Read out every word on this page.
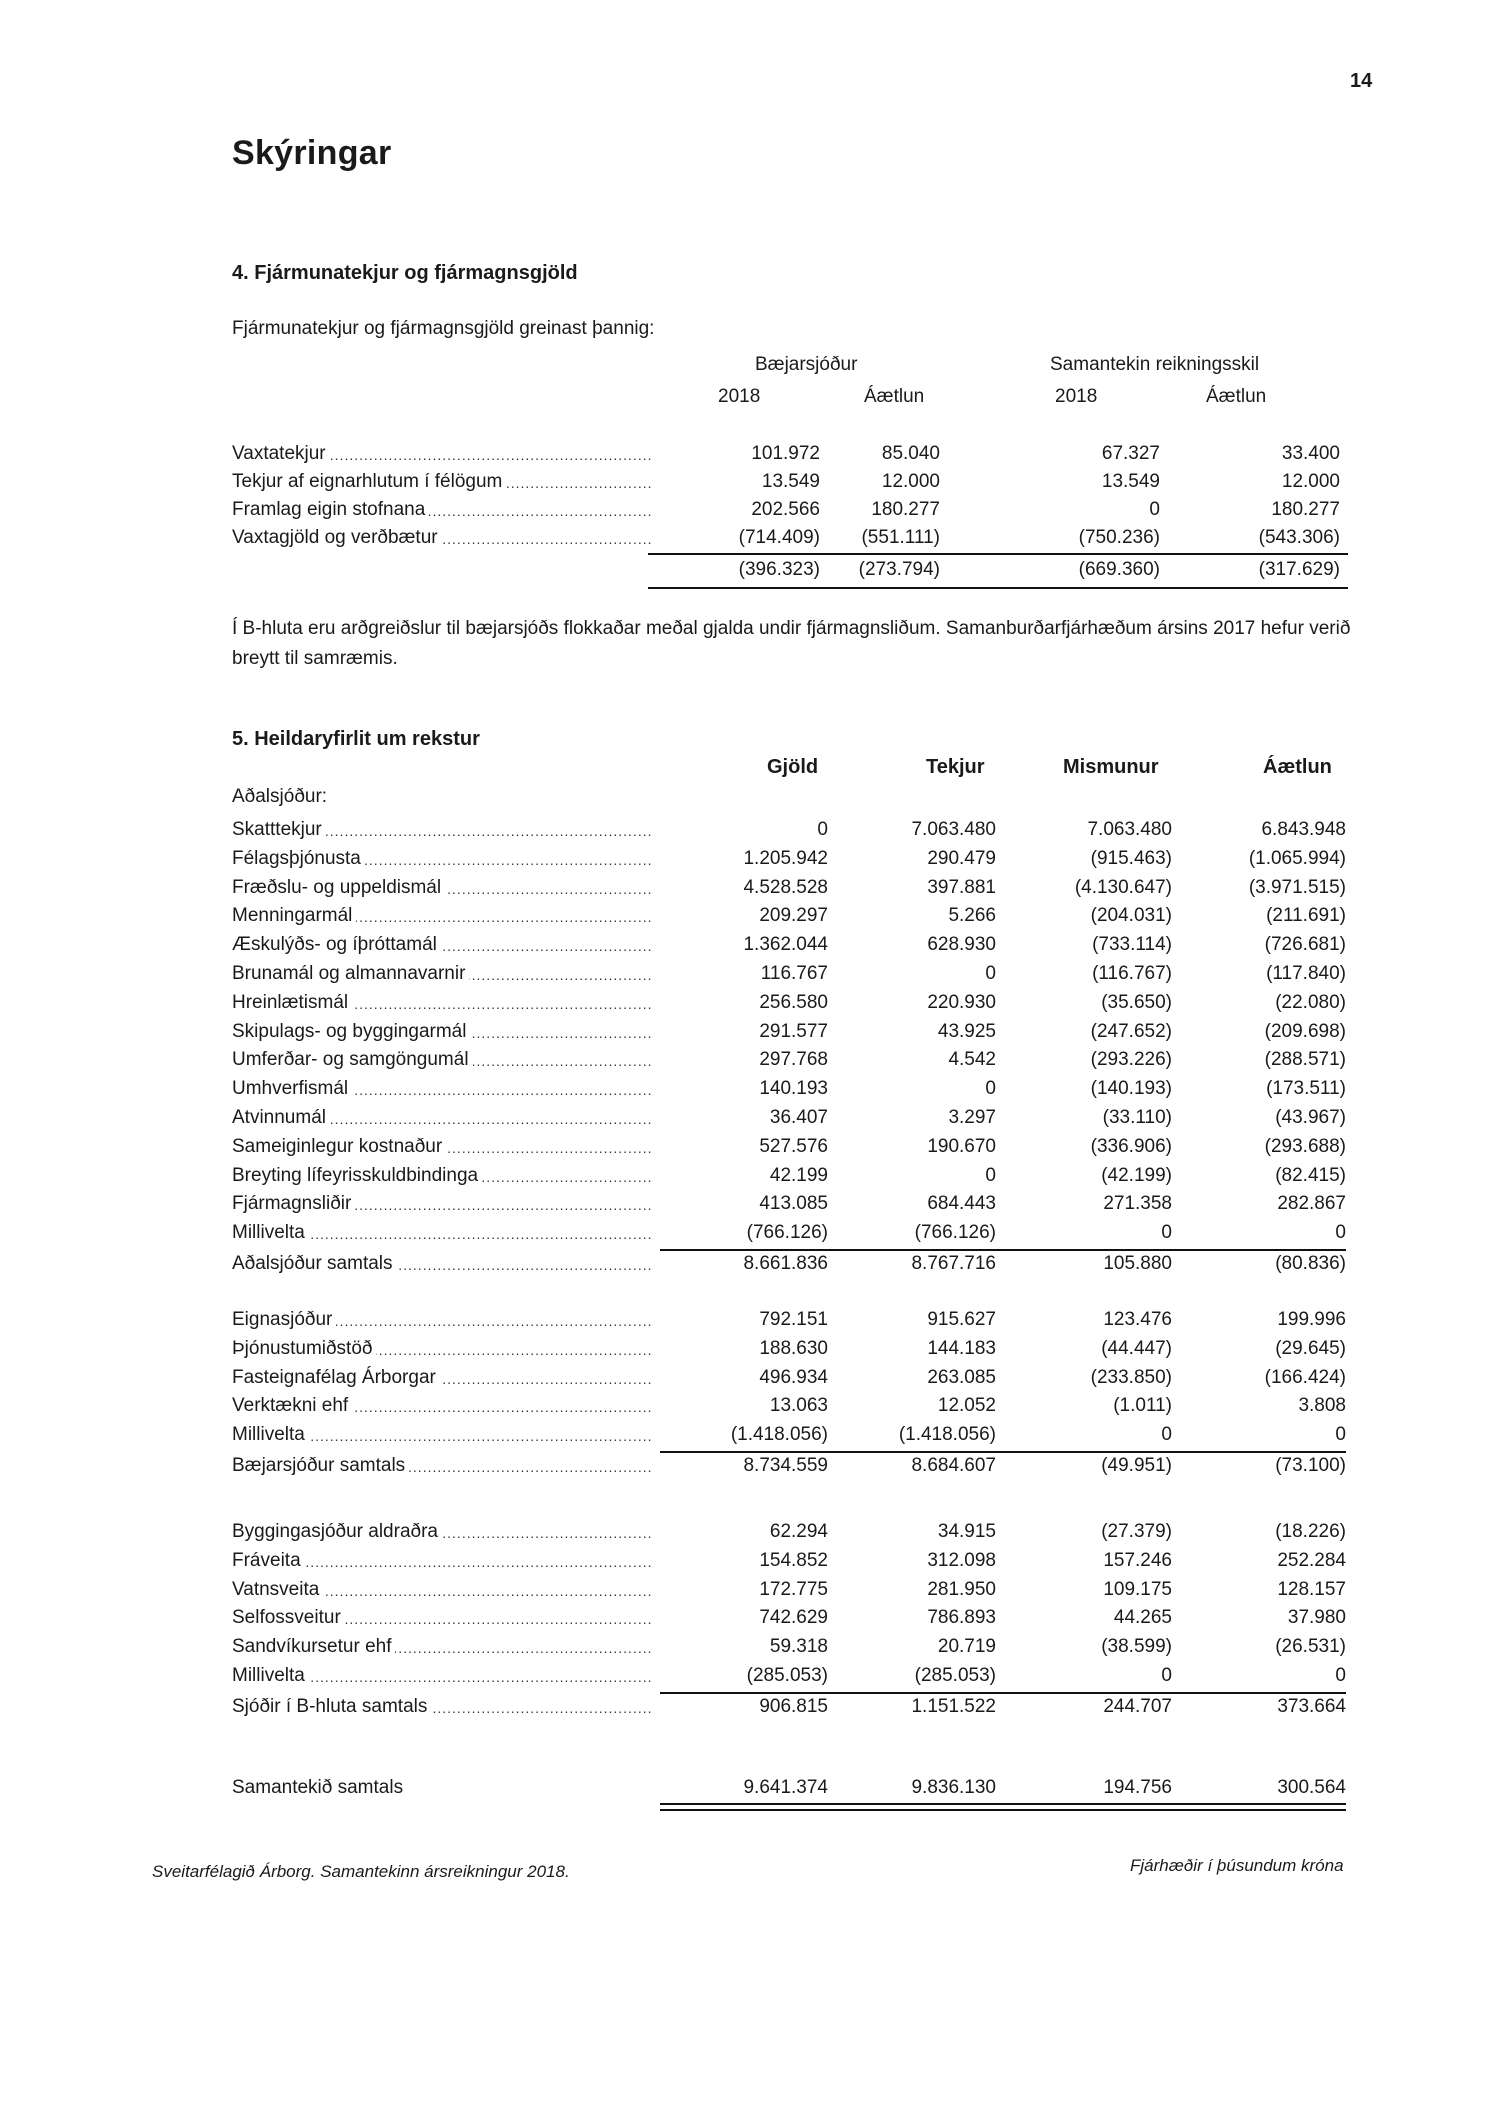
14
Skýringar
4. Fjármunatekjur og fjármagnsgjöld
Fjármunatekjur og fjármagnsgjöld greinast þannig:
Bæjarsjóður	Samantekin reikningsskil
2018	Áætlun	2018	Áætlun
Vaxtatekjur .....	101.972	85.040	67.327	33.400
Tekjur af eignarhlutum í félögum .....	13.549	12.000	13.549	12.000
Framlag eigin stofnana .....	202.566	180.277	0	180.277
Vaxtagjöld og verðbætur .....	(714.409)	(551.111)	(750.236)	(543.306)
(396.323)	(273.794)	(669.360)	(317.629)
Í B-hluta eru arðgreiðslur til bæjarsjóðs flokkaðar meðal gjalda undir fjármagnsliðum. Samanburðarfjárhæðum ársins 2017 hefur verið breytt til samræmis.
5. Heildaryfirlit um rekstur
Gjöld	Tekjur	Mismunur	Áætlun
Aðalsjóður:
Skatttekjur .....	0	7.063.480	7.063.480	6.843.948
Félagsþjónusta .....	1.205.942	290.479	(915.463)	(1.065.994)
Fræðslu- og uppeldismál .....	4.528.528	397.881	(4.130.647)	(3.971.515)
Menningarmál .....	209.297	5.266	(204.031)	(211.691)
Æskulýðs- og íþróttamál .....	1.362.044	628.930	(733.114)	(726.681)
Brunamál og almannavarnir .....	116.767	0	(116.767)	(117.840)
Hreinlætismál .....	256.580	220.930	(35.650)	(22.080)
Skipulags- og byggingarmál .....	291.577	43.925	(247.652)	(209.698)
Umferðar- og samgöngumál .....	297.768	4.542	(293.226)	(288.571)
Umhverfismál .....	140.193	0	(140.193)	(173.511)
Atvinnumál .....	36.407	3.297	(33.110)	(43.967)
Sameiginlegur kostnaður .....	527.576	190.670	(336.906)	(293.688)
Breyting lífeyrisskuldbindinga .....	42.199	0	(42.199)	(82.415)
Fjármagnsliðir .....	413.085	684.443	271.358	282.867
Millivelta .....	(766.126)	(766.126)	0	0
Aðalsjóður samtals .....	8.661.836	8.767.716	105.880	(80.836)
Eignasjóður .....	792.151	915.627	123.476	199.996
Þjónustumiðstöð .....	188.630	144.183	(44.447)	(29.645)
Fasteignafélag Árborgar .....	496.934	263.085	(233.850)	(166.424)
Verktækni ehf .....	13.063	12.052	(1.011)	3.808
Millivelta .....	(1.418.056)	(1.418.056)	0	0
Bæjarsjóður samtals .....	8.734.559	8.684.607	(49.951)	(73.100)
Byggingasjóður aldraðra .....	62.294	34.915	(27.379)	(18.226)
Fráveita .....	154.852	312.098	157.246	252.284
Vatnsveita .....	172.775	281.950	109.175	128.157
Selfossveitur .....	742.629	786.893	44.265	37.980
Sandvíkursetur ehf .....	59.318	20.719	(38.599)	(26.531)
Millivelta .....	(285.053)	(285.053)	0	0
Sjóðir í B-hluta samtals .....	906.815	1.151.522	244.707	373.664
Samantekið samtals	9.641.374	9.836.130	194.756	300.564
Sveitarfélagið Árborg. Samantekinn ársreikningur 2018.	Fjárhæðir í þúsundum króna
